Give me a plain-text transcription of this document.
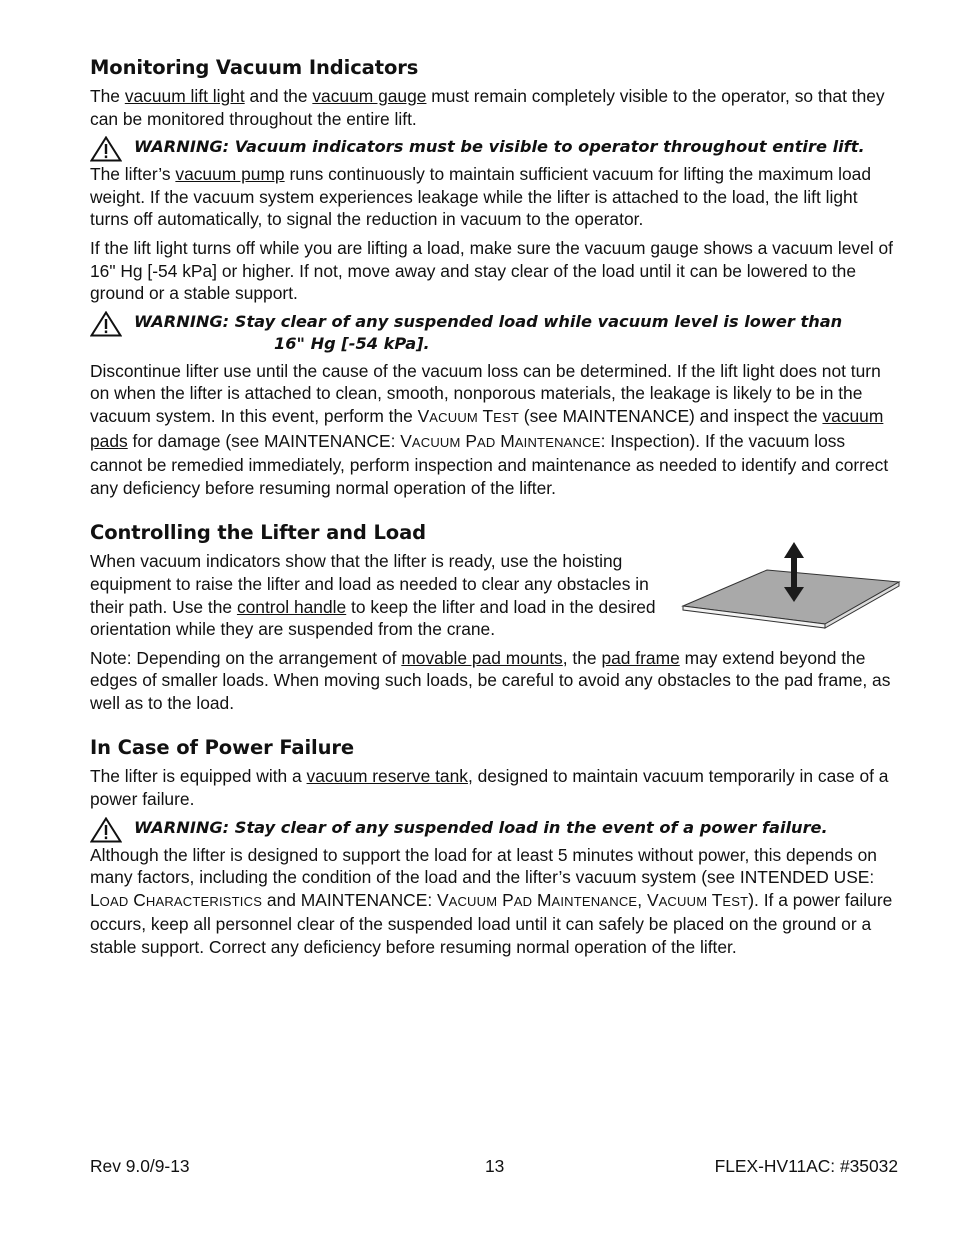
Monitoring Vacuum Indicators

The vacuum lift light and the vacuum gauge must remain completely visible to the operator, so that they can be monitored throughout the entire lift.

WARNING: Vacuum indicators must be visible to operator throughout entire lift.

The lifter’s vacuum pump runs continuously to maintain sufficient vacuum for lifting the maximum load weight. If the vacuum system experiences leakage while the lifter is attached to the load, the lift light turns off automatically, to signal the reduction in vacuum to the operator.

If the lift light turns off while you are lifting a load, make sure the vacuum gauge shows a vacuum level of 16" Hg [-54 kPa] or higher. If not, move away and stay clear of the load until it can be lowered to the ground or a stable support.

WARNING: Stay clear of any suspended load while vacuum level is lower than
16" Hg [-54 kPa].

Discontinue lifter use until the cause of the vacuum loss can be determined. If the lift light does not turn on when the lifter is attached to clean, smooth, nonporous materials, the leakage is likely to be in the vacuum system. In this event, perform the VACUUM TEST (see MAINTENANCE) and inspect the vacuum pads for damage (see MAINTENANCE: VACUUM PAD MAINTENANCE: Inspection). If the vacuum loss cannot be remedied immediately, perform inspection and maintenance as needed to identify and correct any deficiency before resuming normal operation of the lifter.

Controlling the Lifter and Load

When vacuum indicators show that the lifter is ready, use the hoisting equipment to raise the lifter and load as needed to clear any obstacles in their path. Use the control handle to keep the lifter and load in the desired orientation while they are suspended from the crane.

Note: Depending on the arrangement of movable pad mounts, the pad frame may extend beyond the edges of smaller loads. When moving such loads, be careful to avoid any obstacles to the pad frame, as well as to the load.

In Case of Power Failure

The lifter is equipped with a vacuum reserve tank, designed to maintain vacuum temporarily in case of a power failure.

WARNING: Stay clear of any suspended load in the event of a power failure.

Although the lifter is designed to support the load for at least 5 minutes without power, this depends on many factors, including the condition of the load and the lifter’s vacuum system (see INTENDED USE: LOAD CHARACTERISTICS and MAINTENANCE: VACUUM PAD MAINTENANCE, VACUUM TEST). If a power failure occurs, keep all personnel clear of the suspended load until it can safely be placed on the ground or a stable support. Correct any deficiency before resuming normal operation of the lifter.

Rev 9.0/9-13	13	FLEX-HV11AC: #35032
